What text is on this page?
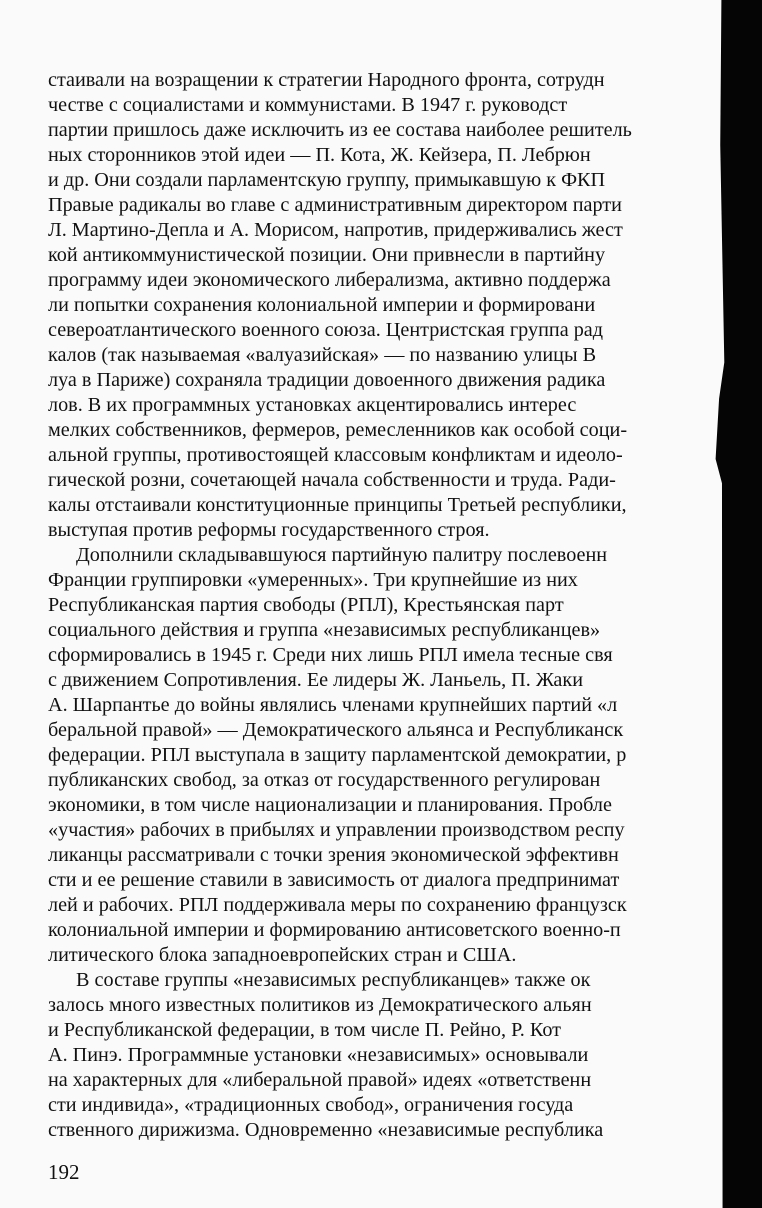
стаивали на возращении к стратегии Народного фронта, сотрудн
честве с социалистами и коммунистами. В 1947 г. руководст
партии пришлось даже исключить из ее состава наиболее решитель
ных сторонников этой идеи — П. Кота, Ж. Кейзера, П. Лебрюн
и др. Они создали парламентскую группу, примыкавшую к ФКП
Правые радикалы во главе с административным директором парти
Л. Мартино-Депла и А. Морисом, напротив, придерживались жест
кой антикоммунистической позиции. Они привнесли в партийну
программу идеи экономического либерализма, активно поддержа
ли попытки сохранения колониальной империи и формировани
североатлантического военного союза. Центристская группа рад
калов (так называемая «валуазийская» — по названию улицы В
луа в Париже) сохраняла традиции довоенного движения радика
лов. В их программных установках акцентировались интерес
мелких собственников, фермеров, ремесленников как особой соци-
альной группы, противостоящей классовым конфликтам и идеоло-
гической розни, сочетающей начала собственности и труда. Ради-
калы отстаивали конституционные принципы Третьей республики,
выступая против реформы государственного строя.
Дополнили складывавшуюся партийную палитру послевоенн
Франции группировки «умеренных». Три крупнейшие из них
Республиканская партия свободы (РПЛ), Крестьянская парт
социального действия и группа «независимых республиканцев»
сформировались в 1945 г. Среди них лишь РПЛ имела тесные свя
с движением Сопротивления. Ее лидеры Ж. Ланьель, П. Жаки
А. Шарпантье до войны являлись членами крупнейших партий «л
беральной правой» — Демократического альянса и Республиканск
федерации. РПЛ выступала в защиту парламентской демократии, р
публиканских свобод, за отказ от государственного регулирован
экономики, в том числе национализации и планирования. Пробле
«участия» рабочих в прибылях и управлении производством респу
ликанцы рассматривали с точки зрения экономической эффективн
сти и ее решение ставили в зависимость от диалога предпринимат
лей и рабочих. РПЛ поддерживала меры по сохранению французск
колониальной империи и формированию антисоветского военно-п
литического блока западноевропейских стран и США.
В составе группы «независимых республиканцев» также ок
залось много известных политиков из Демократического альян
и Республиканской федерации, в том числе П. Рейно, Р. Кот
А. Пинэ. Программные установки «независимых» основывали
на характерных для «либеральной правой» идеях «ответственн
сти индивида», «традиционных свобод», ограничения госуда
ственного дирижизма. Одновременно «независимые республика
192
